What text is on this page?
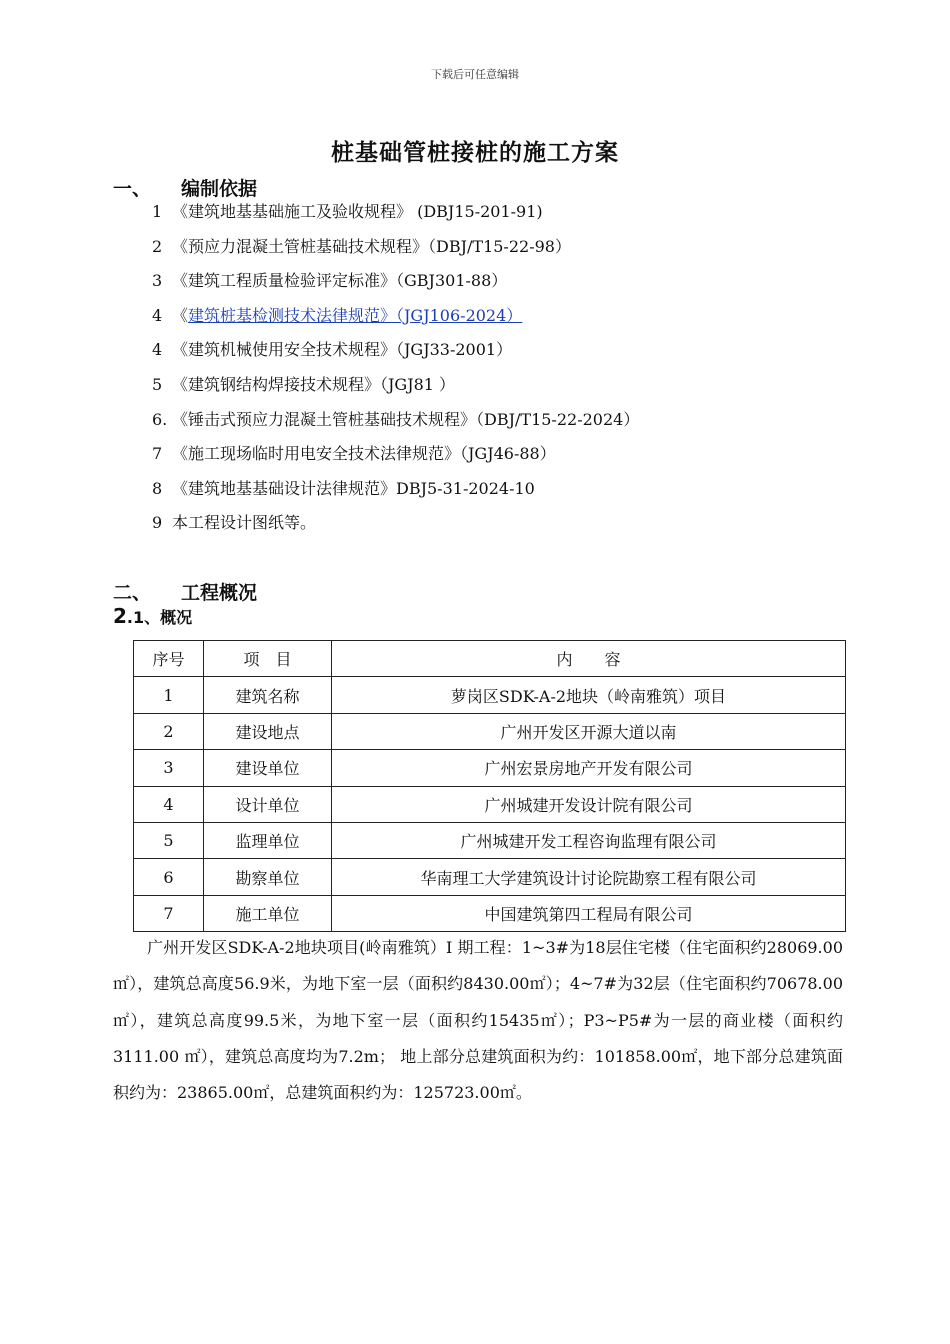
下载后可任意编辑
桩基础管桩接桩的施工方案
一、 编制依据
1 《建筑地基基础施工及验收规程》 (DBJ15-201-91)
2 《预应力混凝土管桩基础技术规程》（DBJ/T15-22-98）
3 《建筑工程质量检验评定标准》（GBJ301-88）
4 《建筑桩基检测技术法律规范》（JGJ106-2024）
4 《建筑机械使用安全技术规程》（JGJ33-2001）
5 《建筑钢结构焊接技术规程》（JGJ81 ）
6. 《锤击式预应力混凝土管桩基础技术规程》（DBJ/T15-22-2024）
7 《施工现场临时用电安全技术法律规范》（JGJ46-88）
8 《建筑地基基础设计法律规范》DBJ5-31-2024-10
9 本工程设计图纸等。
二、 工程概况
2.1、概况
序号	项　目	内　　容
1	建筑名称	萝岗区SDK-A-2地块（岭南雅筑）项目
2	建设地点	广州开发区开源大道以南
3	建设单位	广州宏景房地产开发有限公司
4	设计单位	广州城建开发设计院有限公司
5	监理单位	广州城建开发工程咨询监理有限公司
6	勘察单位	华南理工大学建筑设计讨论院勘察工程有限公司
7	施工单位	中国建筑第四工程局有限公司

广州开发区SDK-A-2地块项目(岭南雅筑）I 期工程：1~3#为18层住宅楼（住宅面积约28069.00 ㎡），建筑总高度56.9米，为地下室一层（面积约8430.00㎡）；4~7#为32层（住宅面积约70678.00 ㎡），建筑总高度99.5米，为地下室一层（面积约15435㎡）；P3~P5#为一层的商业楼（面积约3111.00 ㎡），建筑总高度均为7.2m； 地上部分总建筑面积为约：101858.00㎡，地下部分总建筑面积约为：23865.00㎡，总建筑面积约为：125723.00㎡。
